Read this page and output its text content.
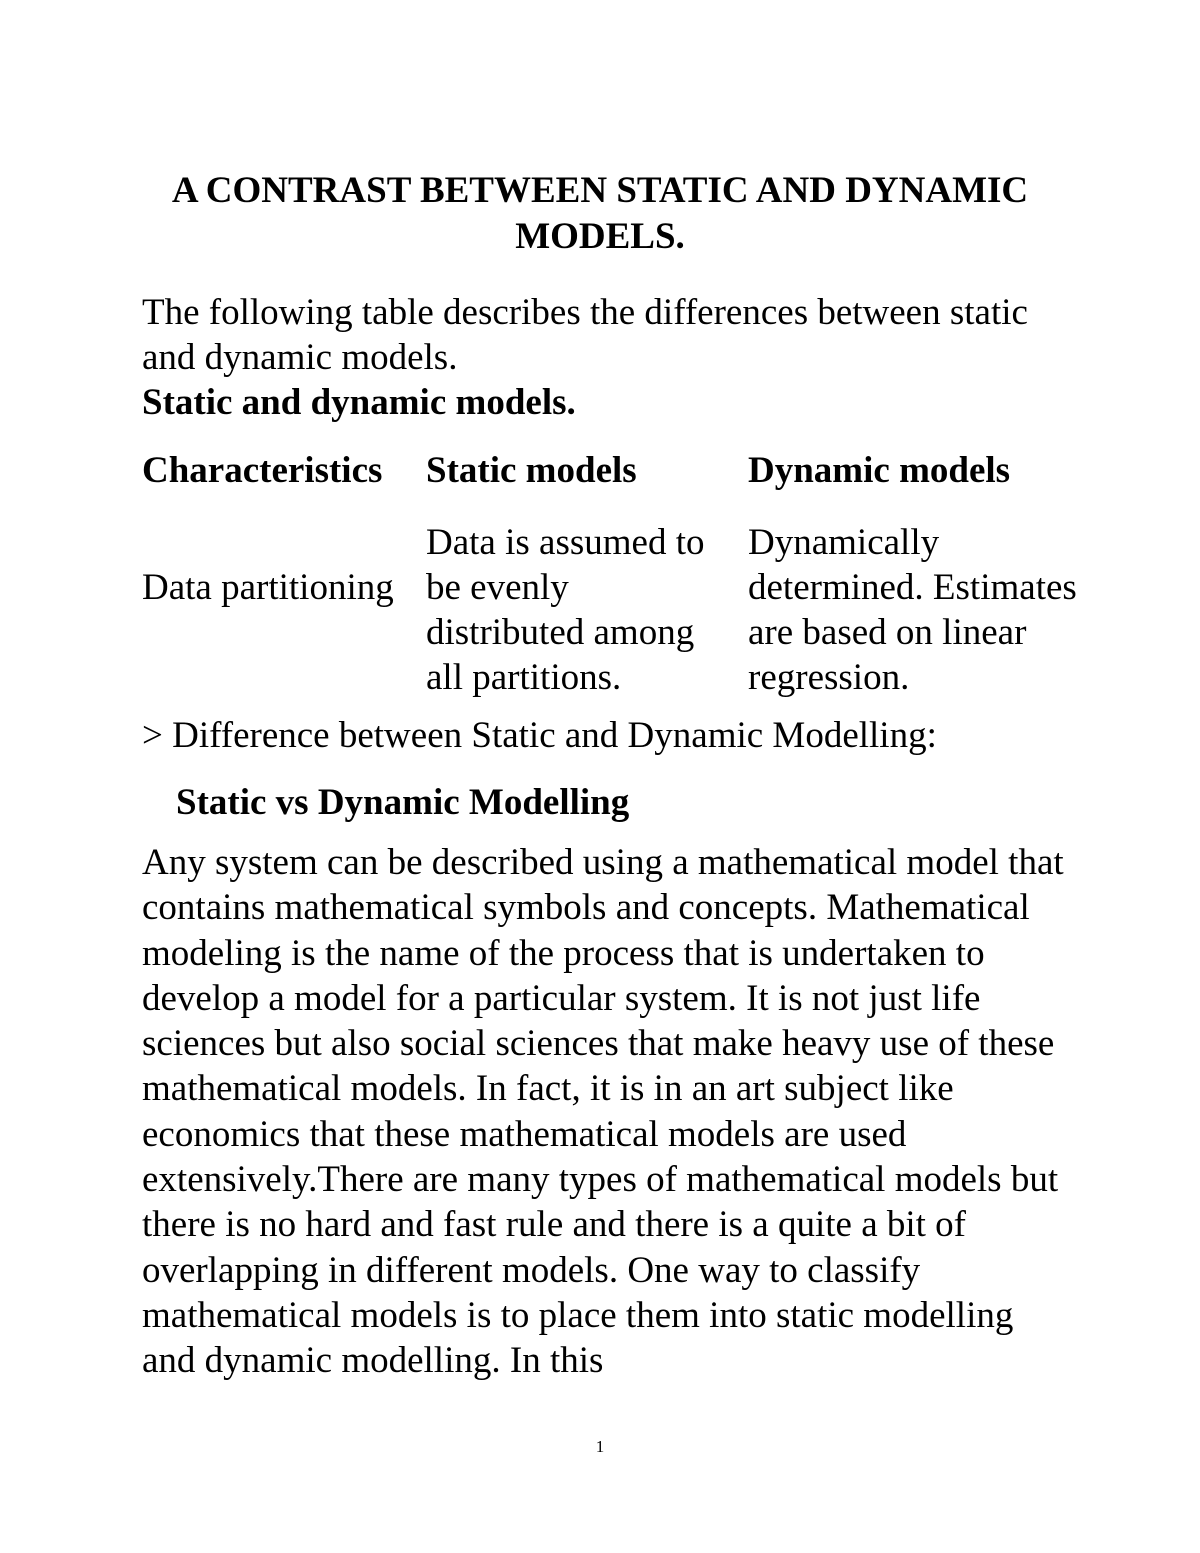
A CONTRAST BETWEEN STATIC AND DYNAMIC MODELS.

The following table describes the differences between static and dynamic models.

Static and dynamic models.

Characteristics Static models	Dynamic models
Data partitioning
Data is assumed to be evenly distributed among all partitions.
Dynamically determined. Estimates are based on linear regression.

> Difference between Static and Dynamic Modelling:

Static vs Dynamic Modelling

Any system can be described using a mathematical model that contains mathematical symbols and concepts. Mathematical modeling is the name of the process that is undertaken to develop a model for a particular system. It is not just life sciences but also social sciences that make heavy use of these mathematical models. In fact, it is in an art subject like economics that these mathematical models are used extensively.There are many types of mathematical models but there is no hard and fast rule and there is a quite a bit of overlapping in different models. One way to classify mathematical models is to place them into static modelling and dynamic modelling. In this

1
